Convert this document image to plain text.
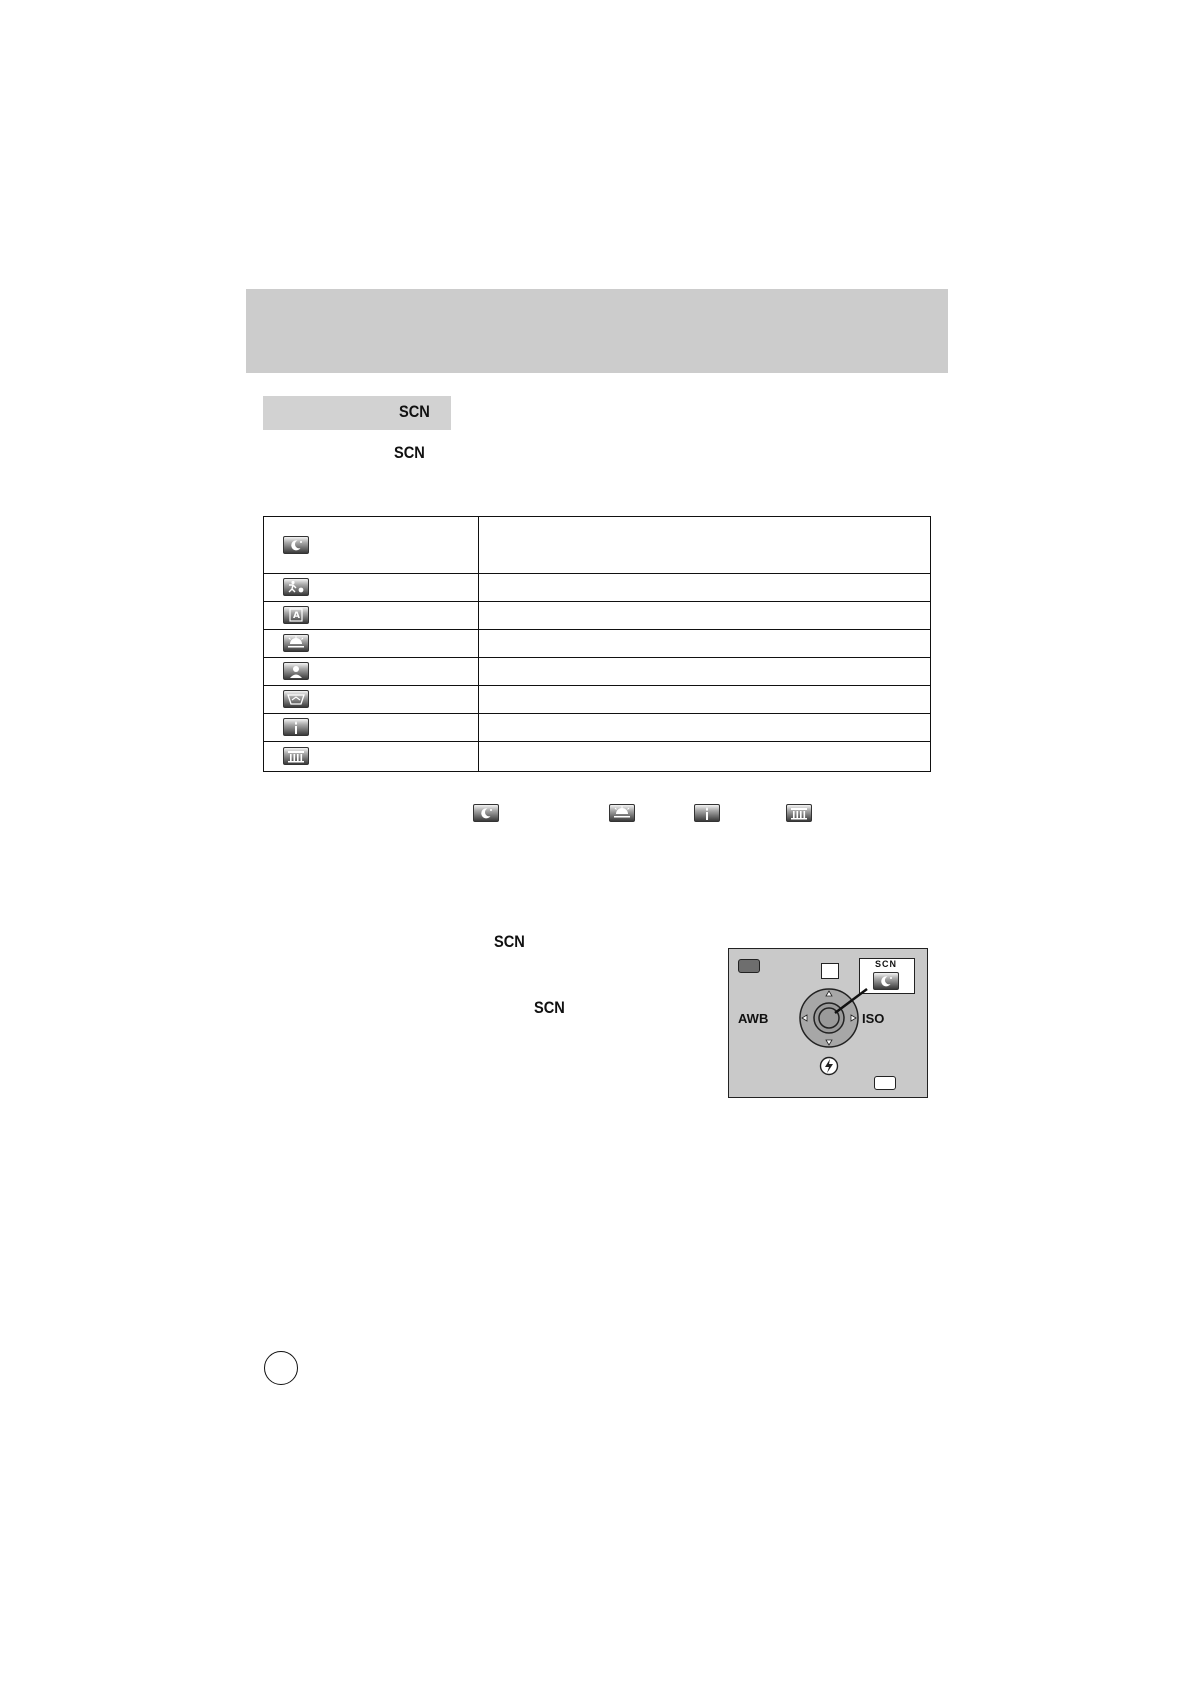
SCN
SCN
A
SCN
SCN
SCN
AWB	ISO
